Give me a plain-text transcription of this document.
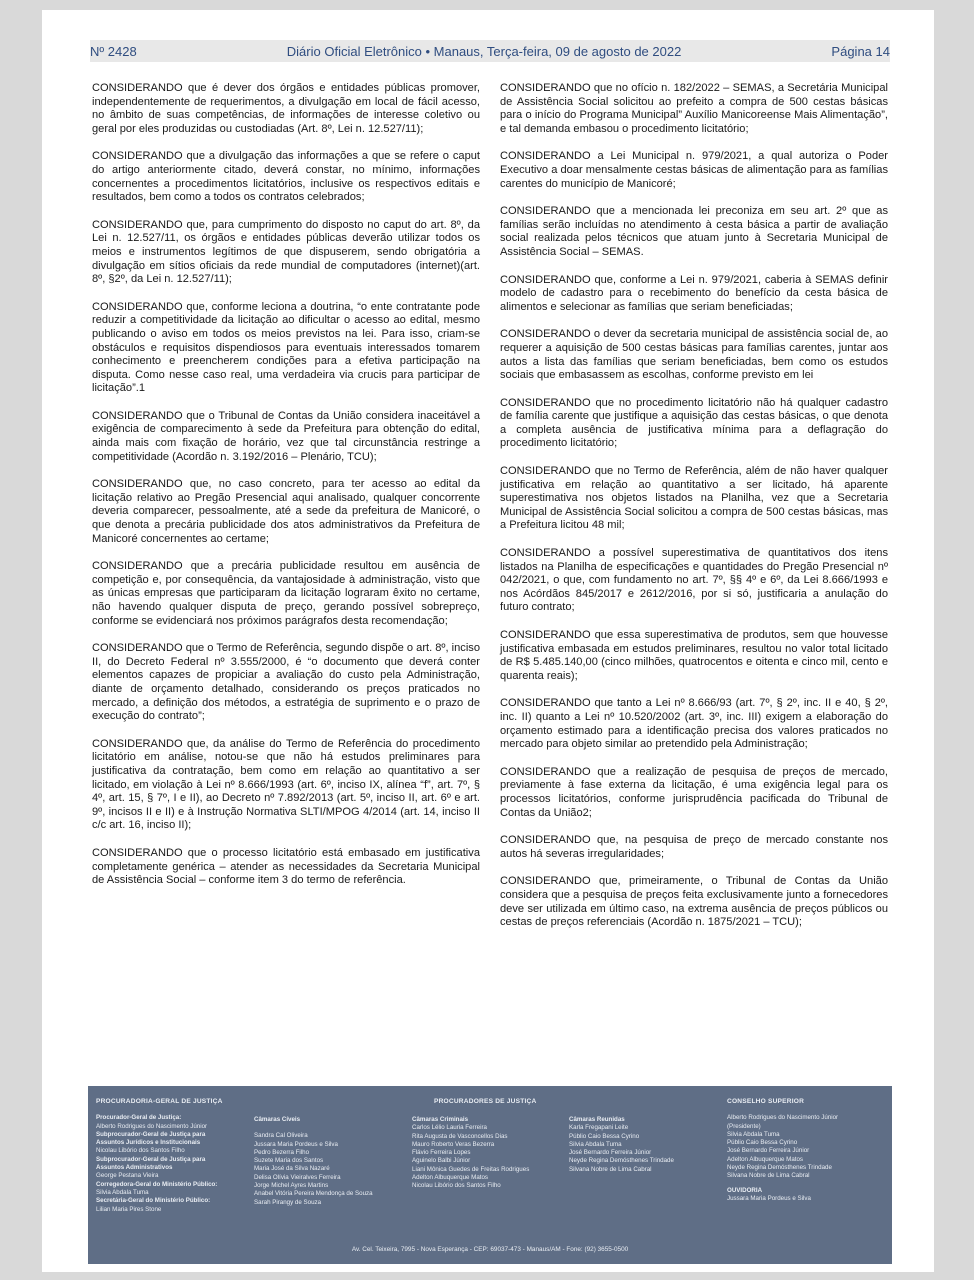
Nº 2428	Diário Oficial Eletrônico • Manaus, Terça-feira, 09 de agosto de 2022	Página 14

CONSIDERANDO que é dever dos órgãos e entidades públicas promover, independentemente de requerimentos, a divulgação em local de fácil acesso, no âmbito de suas competências, de informações de interesse coletivo ou geral por eles produzidas ou custodiadas (Art. 8º, Lei n. 12.527/11);

CONSIDERANDO que a divulgação das informações a que se refere o caput do artigo anteriormente citado, deverá constar, no mínimo, informações concernentes a procedimentos licitatórios, inclusive os respectivos editais e resultados, bem como a todos os contratos celebrados;

CONSIDERANDO que, para cumprimento do disposto no caput do art. 8º, da Lei n. 12.527/11, os órgãos e entidades públicas deverão utilizar todos os meios e instrumentos legítimos de que dispuserem, sendo obrigatória a divulgação em sítios oficiais da rede mundial de computadores (internet)(art. 8º, §2º, da Lei n. 12.527/11);

CONSIDERANDO que, conforme leciona a doutrina, “o ente contratante pode reduzir a competitividade da licitação ao dificultar o acesso ao edital, mesmo publicando o aviso em todos os meios previstos na lei. Para isso, criam-se obstáculos e requisitos dispendiosos para eventuais interessados tomarem conhecimento e preencherem condições para a efetiva participação na disputa. Como nesse caso real, uma verdadeira via crucis para participar de licitação”.1

CONSIDERANDO que o Tribunal de Contas da União considera inaceitável a exigência de comparecimento à sede da Prefeitura para obtenção do edital, ainda mais com fixação de horário, vez que tal circunstância restringe a competitividade (Acordão n. 3.192/2016 – Plenário, TCU);

CONSIDERANDO que, no caso concreto, para ter acesso ao edital da licitação relativo ao Pregão Presencial aqui analisado, qualquer concorrente deveria comparecer, pessoalmente, até a sede da prefeitura de Manicoré, o que denota a precária publicidade dos atos administrativos da Prefeitura de Manicoré concernentes ao certame;

CONSIDERANDO que a precária publicidade resultou em ausência de competição e, por consequência, da vantajosidade à administração, visto que as únicas empresas que participaram da licitação lograram êxito no certame, não havendo qualquer disputa de preço, gerando possível sobrepreço, conforme se evidenciará nos próximos parágrafos desta recomendação;

CONSIDERANDO que o Termo de Referência, segundo dispõe o art. 8º, inciso II, do Decreto Federal nº 3.555/2000, é “o documento que deverá conter elementos capazes de propiciar a avaliação do custo pela Administração, diante de orçamento detalhado, considerando os preços praticados no mercado, a definição dos métodos, a estratégia de suprimento e o prazo de execução do contrato”;

CONSIDERANDO que, da análise do Termo de Referência do procedimento licitatório em análise, notou-se que não há estudos preliminares para justificativa da contratação, bem como em relação ao quantitativo a ser licitado, em violação à Lei nº 8.666/1993 (art. 6º, inciso IX, alínea “f”, art. 7º, § 4º, art. 15, § 7º, I e II), ao Decreto nº 7.892/2013 (art. 5º, inciso II, art. 6º e art. 9º, incisos II e II) e à Instrução Normativa SLTI/MPOG 4/2014 (art. 14, inciso II c/c art. 16, inciso II);

CONSIDERANDO que o processo licitatório está embasado em justificativa completamente genérica – atender as necessidades da Secretaria Municipal de Assistência Social – conforme item 3 do termo de referência.

CONSIDERANDO que no ofício n. 182/2022 – SEMAS, a Secretária Municipal de Assistência Social solicitou ao prefeito a compra de 500 cestas básicas para o início do Programa Municipal” Auxílio Manicoreense Mais Alimentação”, e tal demanda embasou o procedimento licitatório;

CONSIDERANDO a Lei Municipal n. 979/2021, a qual autoriza o Poder Executivo a doar mensalmente cestas básicas de alimentação para as famílias carentes do município de Manicoré;

CONSIDERANDO que a mencionada lei preconiza em seu art. 2º que as famílias serão incluídas no atendimento à cesta básica a partir de avaliação social realizada pelos técnicos que atuam junto à Secretaria Municipal de Assistência Social – SEMAS.

CONSIDERANDO que, conforme a Lei n. 979/2021, caberia à SEMAS definir modelo de cadastro para o recebimento do benefício da cesta básica de alimentos e selecionar as famílias que seriam beneficiadas;

CONSIDERANDO o dever da secretaria municipal de assistência social de, ao requerer a aquisição de 500 cestas básicas para famílias carentes, juntar aos autos a lista das famílias que seriam beneficiadas, bem como os estudos sociais que embasassem as escolhas, conforme previsto em lei

CONSIDERANDO que no procedimento licitatório não há qualquer cadastro de família carente que justifique a aquisição das cestas básicas, o que denota a completa ausência de justificativa mínima para a deflagração do procedimento licitatório;

CONSIDERANDO que no Termo de Referência, além de não haver qualquer justificativa em relação ao quantitativo a ser licitado, há aparente superestimativa nos objetos listados na Planilha, vez que a Secretaria Municipal de Assistência Social solicitou a compra de 500 cestas básicas, mas a Prefeitura licitou 48 mil;

CONSIDERANDO a possível superestimativa de quantitativos dos itens listados na Planilha de especificações e quantidades do Pregão Presencial nº 042/2021, o que, com fundamento no art. 7º, §§ 4º e 6º, da Lei 8.666/1993 e nos Acórdãos 845/2017 e 2612/2016, por si só, justificaria a anulação do futuro contrato;

CONSIDERANDO que essa superestimativa de produtos, sem que houvesse justificativa embasada em estudos preliminares, resultou no valor total licitado de R$ 5.485.140,00 (cinco milhões, quatrocentos e oitenta e cinco mil, cento e quarenta reais);

CONSIDERANDO que tanto a Lei nº 8.666/93 (art. 7º, § 2º, inc. II e 40, § 2º, inc. II) quanto a Lei nº 10.520/2002 (art. 3º, inc. III) exigem a elaboração do orçamento estimado para a identificação precisa dos valores praticados no mercado para objeto similar ao pretendido pela Administração;

CONSIDERANDO que a realização de pesquisa de preços de mercado, previamente à fase externa da licitação, é uma exigência legal para os processos licitatórios, conforme jurisprudência pacificada do Tribunal de Contas da União2;

CONSIDERANDO que, na pesquisa de preço de mercado constante nos autos há severas irregularidades;

CONSIDERANDO que, primeiramente, o Tribunal de Contas da União considera que a pesquisa de preços feita exclusivamente junto a fornecedores deve ser utilizada em último caso, na extrema ausência de preços públicos ou cestas de preços referenciais (Acordão n. 1875/2021 – TCU);

PROCURADORIA-GERAL DE JUSTIÇA
Procurador-Geral de Justiça:
Alberto Rodrigues do Nascimento Júnior
Subprocurador-Geral de Justiça para
Assuntos Jurídicos e Institucionais
Nicolau Libório dos Santos Filho
Subprocurador-Geral de Justiça para
Assuntos Administrativos
George Pestana Vieira
Corregedora-Geral do Ministério Público:
Silvia Abdala Tuma
Secretária-Geral do Ministério Público:
Lilian Maria Pires Stone
PROCURADORES DE JUSTIÇA
Câmaras Cíveis
Sandra Cal Oliveira
Jussara Maria Pordeus e Silva
Pedro Bezerra Filho
Suzete Maria dos Santos
Maria José da Silva Nazaré
Delisa Olívia Vieiralves Ferreira
Jorge Michel Ayres Martins
Anabel Vitória Pereira Mendonça de Souza
Sarah Pirangy de Souza
Câmaras Criminais
Carlos Lélio Lauria Ferreira
Rita Augusta de Vasconcellos Dias
Mauro Roberto Veras Bezerra
Flávio Ferreira Lopes
Aguinelo Balbi Júnior
Liani Mônica Guedes de Freitas Rodrigues
Adelton Albuquerque Matos
Nicolau Libório dos Santos Filho
Câmaras Reunidas
Karla Fregapani Leite
Públio Caio Bessa Cyrino
Silvia Abdala Tuma
José Bernardo Ferreira Júnior
Neyde Regina Demósthenes Trindade
Silvana Nobre de Lima Cabral
CONSELHO SUPERIOR
Alberto Rodrigues do Nascimento Júnior
(Presidente)
Silvia Abdala Tuma
Públio Caio Bessa Cyrino
José Bernardo Ferreira Júnior
Adelton Albuquerque Matos
Neyde Regina Demósthenes Trindade
Silvana Nobre de Lima Cabral
OUVIDORIA
Jussara Maria Pordeus e Silva
Av. Cel. Teixeira, 7995 - Nova Esperança - CEP: 69037-473 - Manaus/AM - Fone: (92) 3655-0500
